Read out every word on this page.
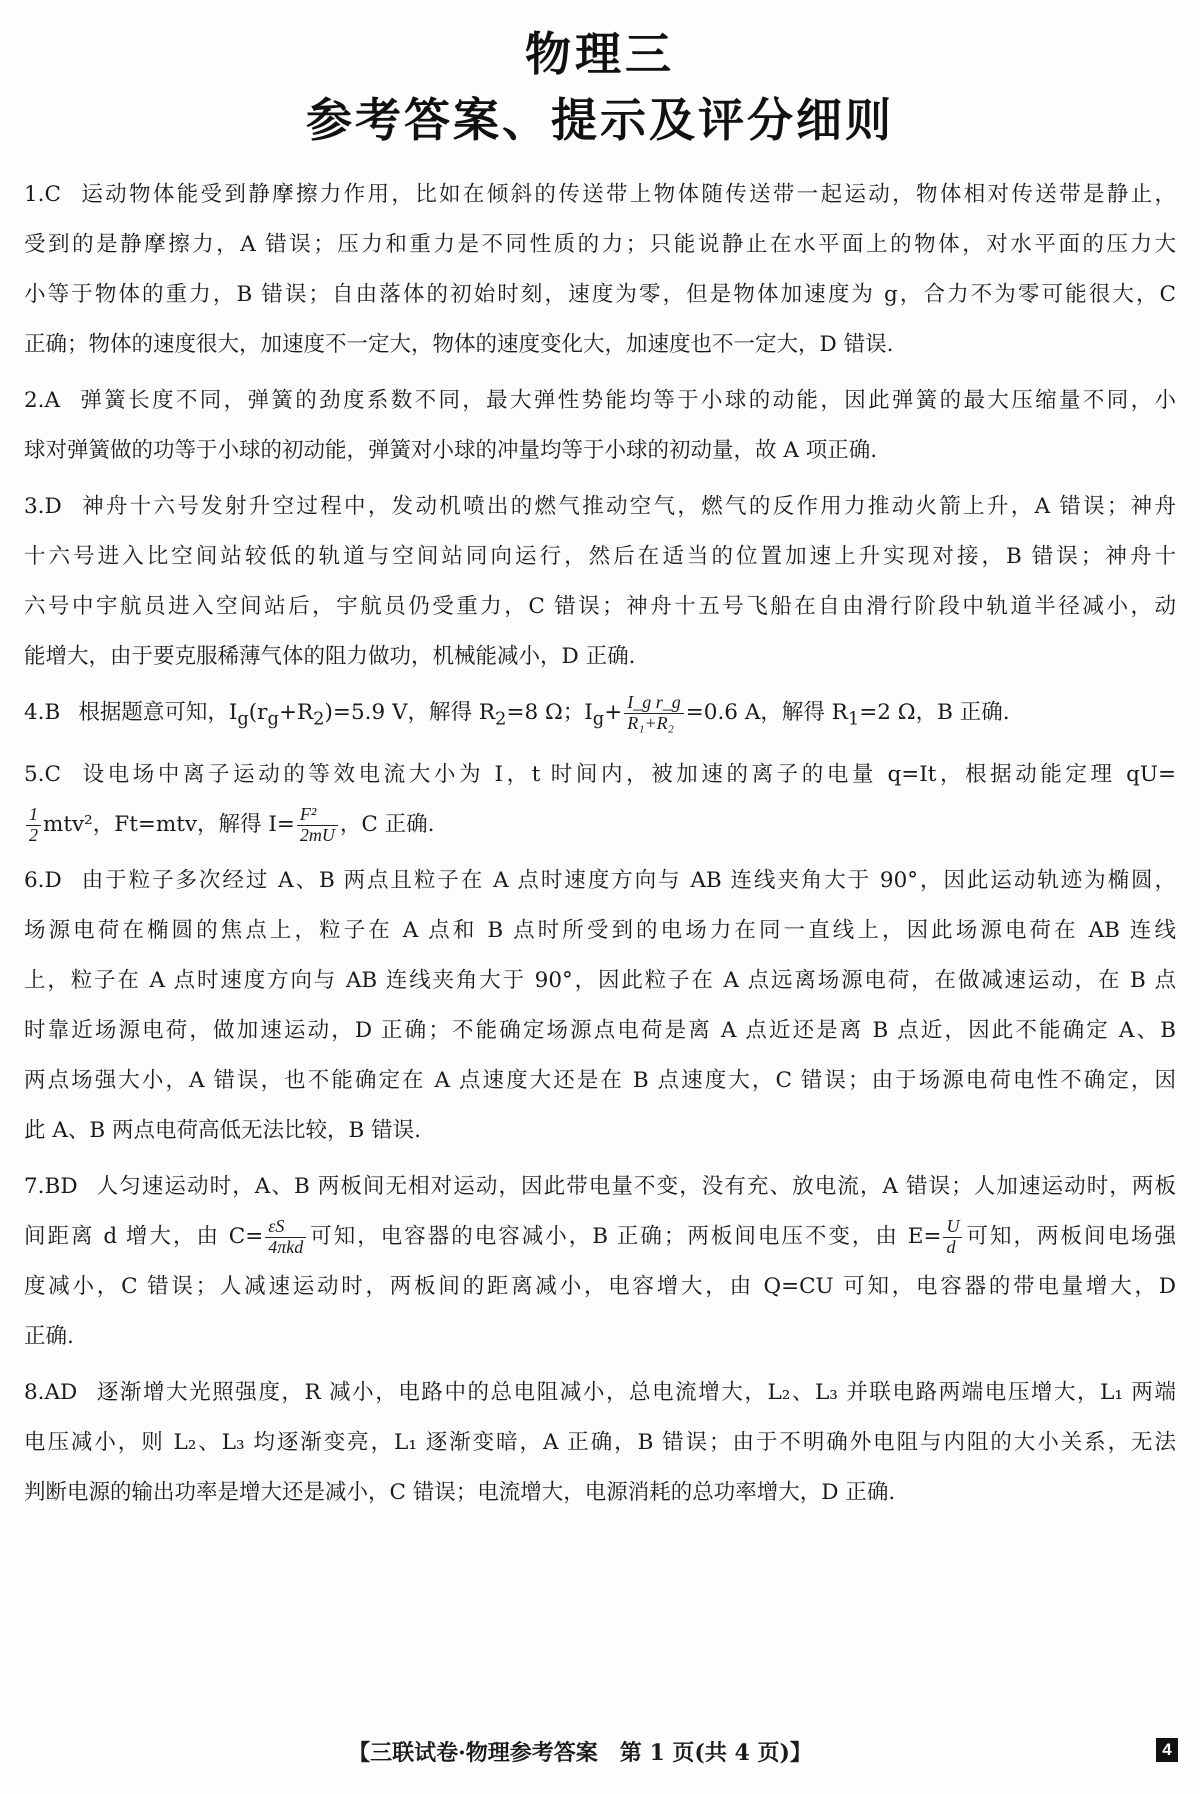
物理三
参考答案、提示及评分细则
1.C 运动物体能受到静摩擦力作用，比如在倾斜的传送带上物体随传送带一起运动，物体相对传送带是静止，
受到的是静摩擦力，A 错误；压力和重力是不同性质的力；只能说静止在水平面上的物体，对水平面的压力大
小等于物体的重力，B 错误；自由落体的初始时刻，速度为零，但是物体加速度为 g，合力不为零可能很大，C
正确；物体的速度很大，加速度不一定大，物体的速度变化大，加速度也不一定大，D 错误.
2.A 弹簧长度不同，弹簧的劲度系数不同，最大弹性势能均等于小球的动能，因此弹簧的最大压缩量不同，小
球对弹簧做的功等于小球的初动能，弹簧对小球的冲量均等于小球的初动量，故 A 项正确.
3.D 神舟十六号发射升空过程中，发动机喷出的燃气推动空气，燃气的反作用力推动火箭上升，A 错误；神舟
十六号进入比空间站较低的轨道与空间站同向运行，然后在适当的位置加速上升实现对接，B 错误；神舟十
六号中宇航员进入空间站后，宇航员仍受重力，C 错误；神舟十五号飞船在自由滑行阶段中轨道半径减小，动
能增大，由于要克服稀薄气体的阻力做功，机械能减小，D 正确.
4.B 根据题意可知，$I_g(r_g+R_2)=5.9$ V，解得 $R_2=8$ Ω；$I_g+ \frac{\text{I\_g r\_g}}{\text{R₁+R₂}} =0.6$ A，解得 $R_1=2$ Ω，B 正确.
5.C 设电场中离子运动的等效电流大小为 I，t 时间内，被加速的离子的电量 q=It，根据动能定理 qU=
$\frac{1}{2} mtv^2$，Ft=mtv，解得 $I= \frac{\text{F²}}{2mU}$ ，C 正确.
6.D 由于粒子多次经过 A、B 两点且粒子在 A 点时速度方向与 AB 连线夹角大于 90°，因此运动轨迹为椭圆，
场源电荷在椭圆的焦点上，粒子在 A 点和 B 点时所受到的电场力在同一直线上，因此场源电荷在 AB 连线
上，粒子在 A 点时速度方向与 AB 连线夹角大于 90°，因此粒子在 A 点远离场源电荷，在做减速运动，在 B 点
时靠近场源电荷，做加速运动，D 正确；不能确定场源点电荷是离 A 点近还是离 B 点近，因此不能确定 A、B
两点场强大小，A 错误，也不能确定在 A 点速度大还是在 B 点速度大，C 错误；由于场源电荷电性不确定，因
此 A、B 两点电荷高低无法比较，B 错误.
7.BD 人匀速运动时，A、B 两板间无相对运动，因此带电量不变，没有充、放电流，A 错误；人加速运动时，两板
间距离 d 增大，由 $C= \frac{\varepsilon S}{\text{4πkd}}$ 可知，电容器的电容减小，B 正确；两板间电压不变，由 $E= \frac{U}{d}$ 可知，两板间电场强
度减小，C 错误；人减速运动时，两板间的距离减小，电容增大，由 Q=CU 可知，电容器的带电量增大，D
正确.
8.AD 逐渐增大光照强度，R 减小，电路中的总电阻减小，总电流增大，L₂、L₃ 并联电路两端电压增大，L₁ 两端
电压减小，则 L₂、L₃ 均逐渐变亮，L₁ 逐渐变暗，A 正确，B 错误；由于不明确外电阻与内阻的大小关系，无法
判断电源的输出功率是增大还是减小，C 错误；电流增大，电源消耗的总功率增大，D 正确.
【三联试卷·物理参考答案　第 1 页(共 4 页)】	4
